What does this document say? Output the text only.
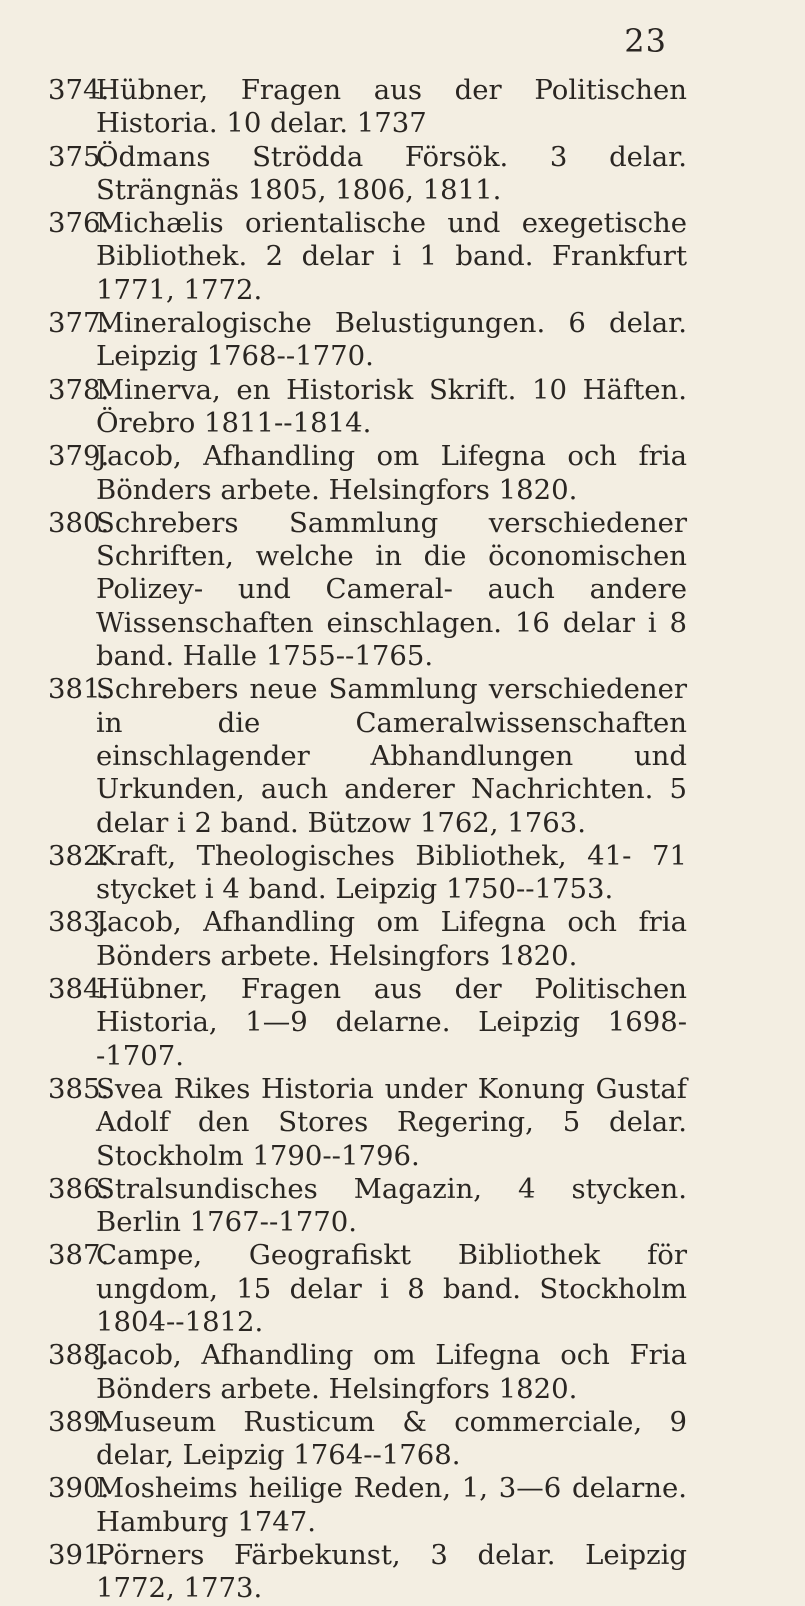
23
374.
Hübner, Fragen aus der Politischen Historia. 10 delar. 1737
375.
Ödmans Strödda Försök. 3 delar. Strängnäs 1805, 1806, 1811.
376.
Michælis orientalische und exegetische Bibliothek. 2 delar i 1 band. Frankfurt 1771, 1772.
377.
Mineralogische Belustigungen. 6 delar. Leipzig 1768--1770.
378.
Minerva, en Historisk Skrift. 10 Häften. Örebro 1811--1814.
379.
Jacob, Afhandling om Lifegna och fria Bönders arbete. Helsingfors 1820.
380.
Schrebers Sammlung verschiedener Schriften, welche in die öconomischen Polizey- und Cameral- auch andere Wissenschaften einschlagen. 16 delar i 8 band. Halle 1755--1765.
381.
Schrebers neue Sammlung verschiedener in die Cameralwissenschaften einschlagender Abhandlungen und Urkunden, auch anderer Nachrichten. 5 delar i 2 band. Bützow 1762, 1763.
382.
Kraft, Theologisches Bibliothek, 41- 71 stycket i 4 band. Leipzig 1750--1753.
383.
Jacob, Afhandling om Lifegna och fria Bönders arbete. Helsingfors 1820.
384.
Hübner, Fragen aus der Politischen Historia, 1—9 delarne. Leipzig 1698--1707.
385.
Svea Rikes Historia under Konung Gustaf Adolf den Stores Regering, 5 delar. Stockholm 1790--1796.
386.
Stralsundisches Magazin, 4 stycken. Berlin 1767--1770.
387.
Campe, Geografiskt Bibliothek för ungdom, 15 delar i 8 band. Stockholm 1804--1812.
388.
Jacob, Afhandling om Lifegna och Fria Bönders arbete. Helsingfors 1820.
389.
Museum Rusticum & commerciale, 9 delar, Leipzig 1764--1768.
390.
Mosheims heilige Reden, 1, 3—6 delarne. Hamburg 1747.
391.
Pörners Färbekunst, 3 delar. Leipzig 1772, 1773.
